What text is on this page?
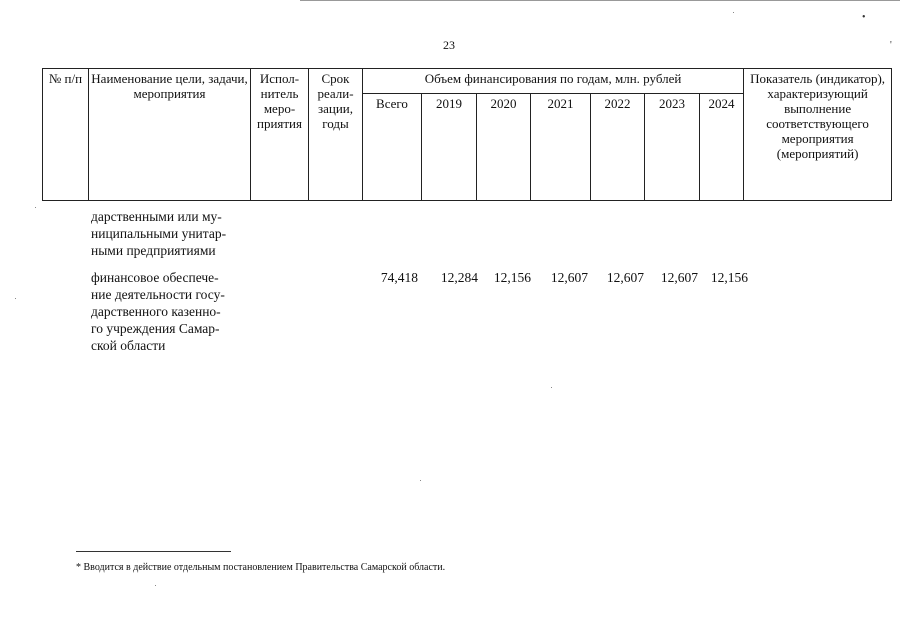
•
'
23
№ п/п	Наименование цели, задачи, мероприятия	Испол-нитель меро-приятия	Срок реали-зации, годы	Объем финансирования по годам, млн. рублей							Показатель (индикатор), характеризующий выполнение соответствующего мероприятия (мероприятий)
				Всего	2019	2020	2021	2022	2023	2024	
дарственными или му-
ниципальными унитар-
ными предприятиями
финансовое обеспече-
ние деятельности госу-
дарственного казенно-
го учреждения Самар-
ской области
74,418	12,284	12,156	12,607	12,607	12,607 12,156
* Вводится в действие отдельным постановлением Правительства Самарской области.
